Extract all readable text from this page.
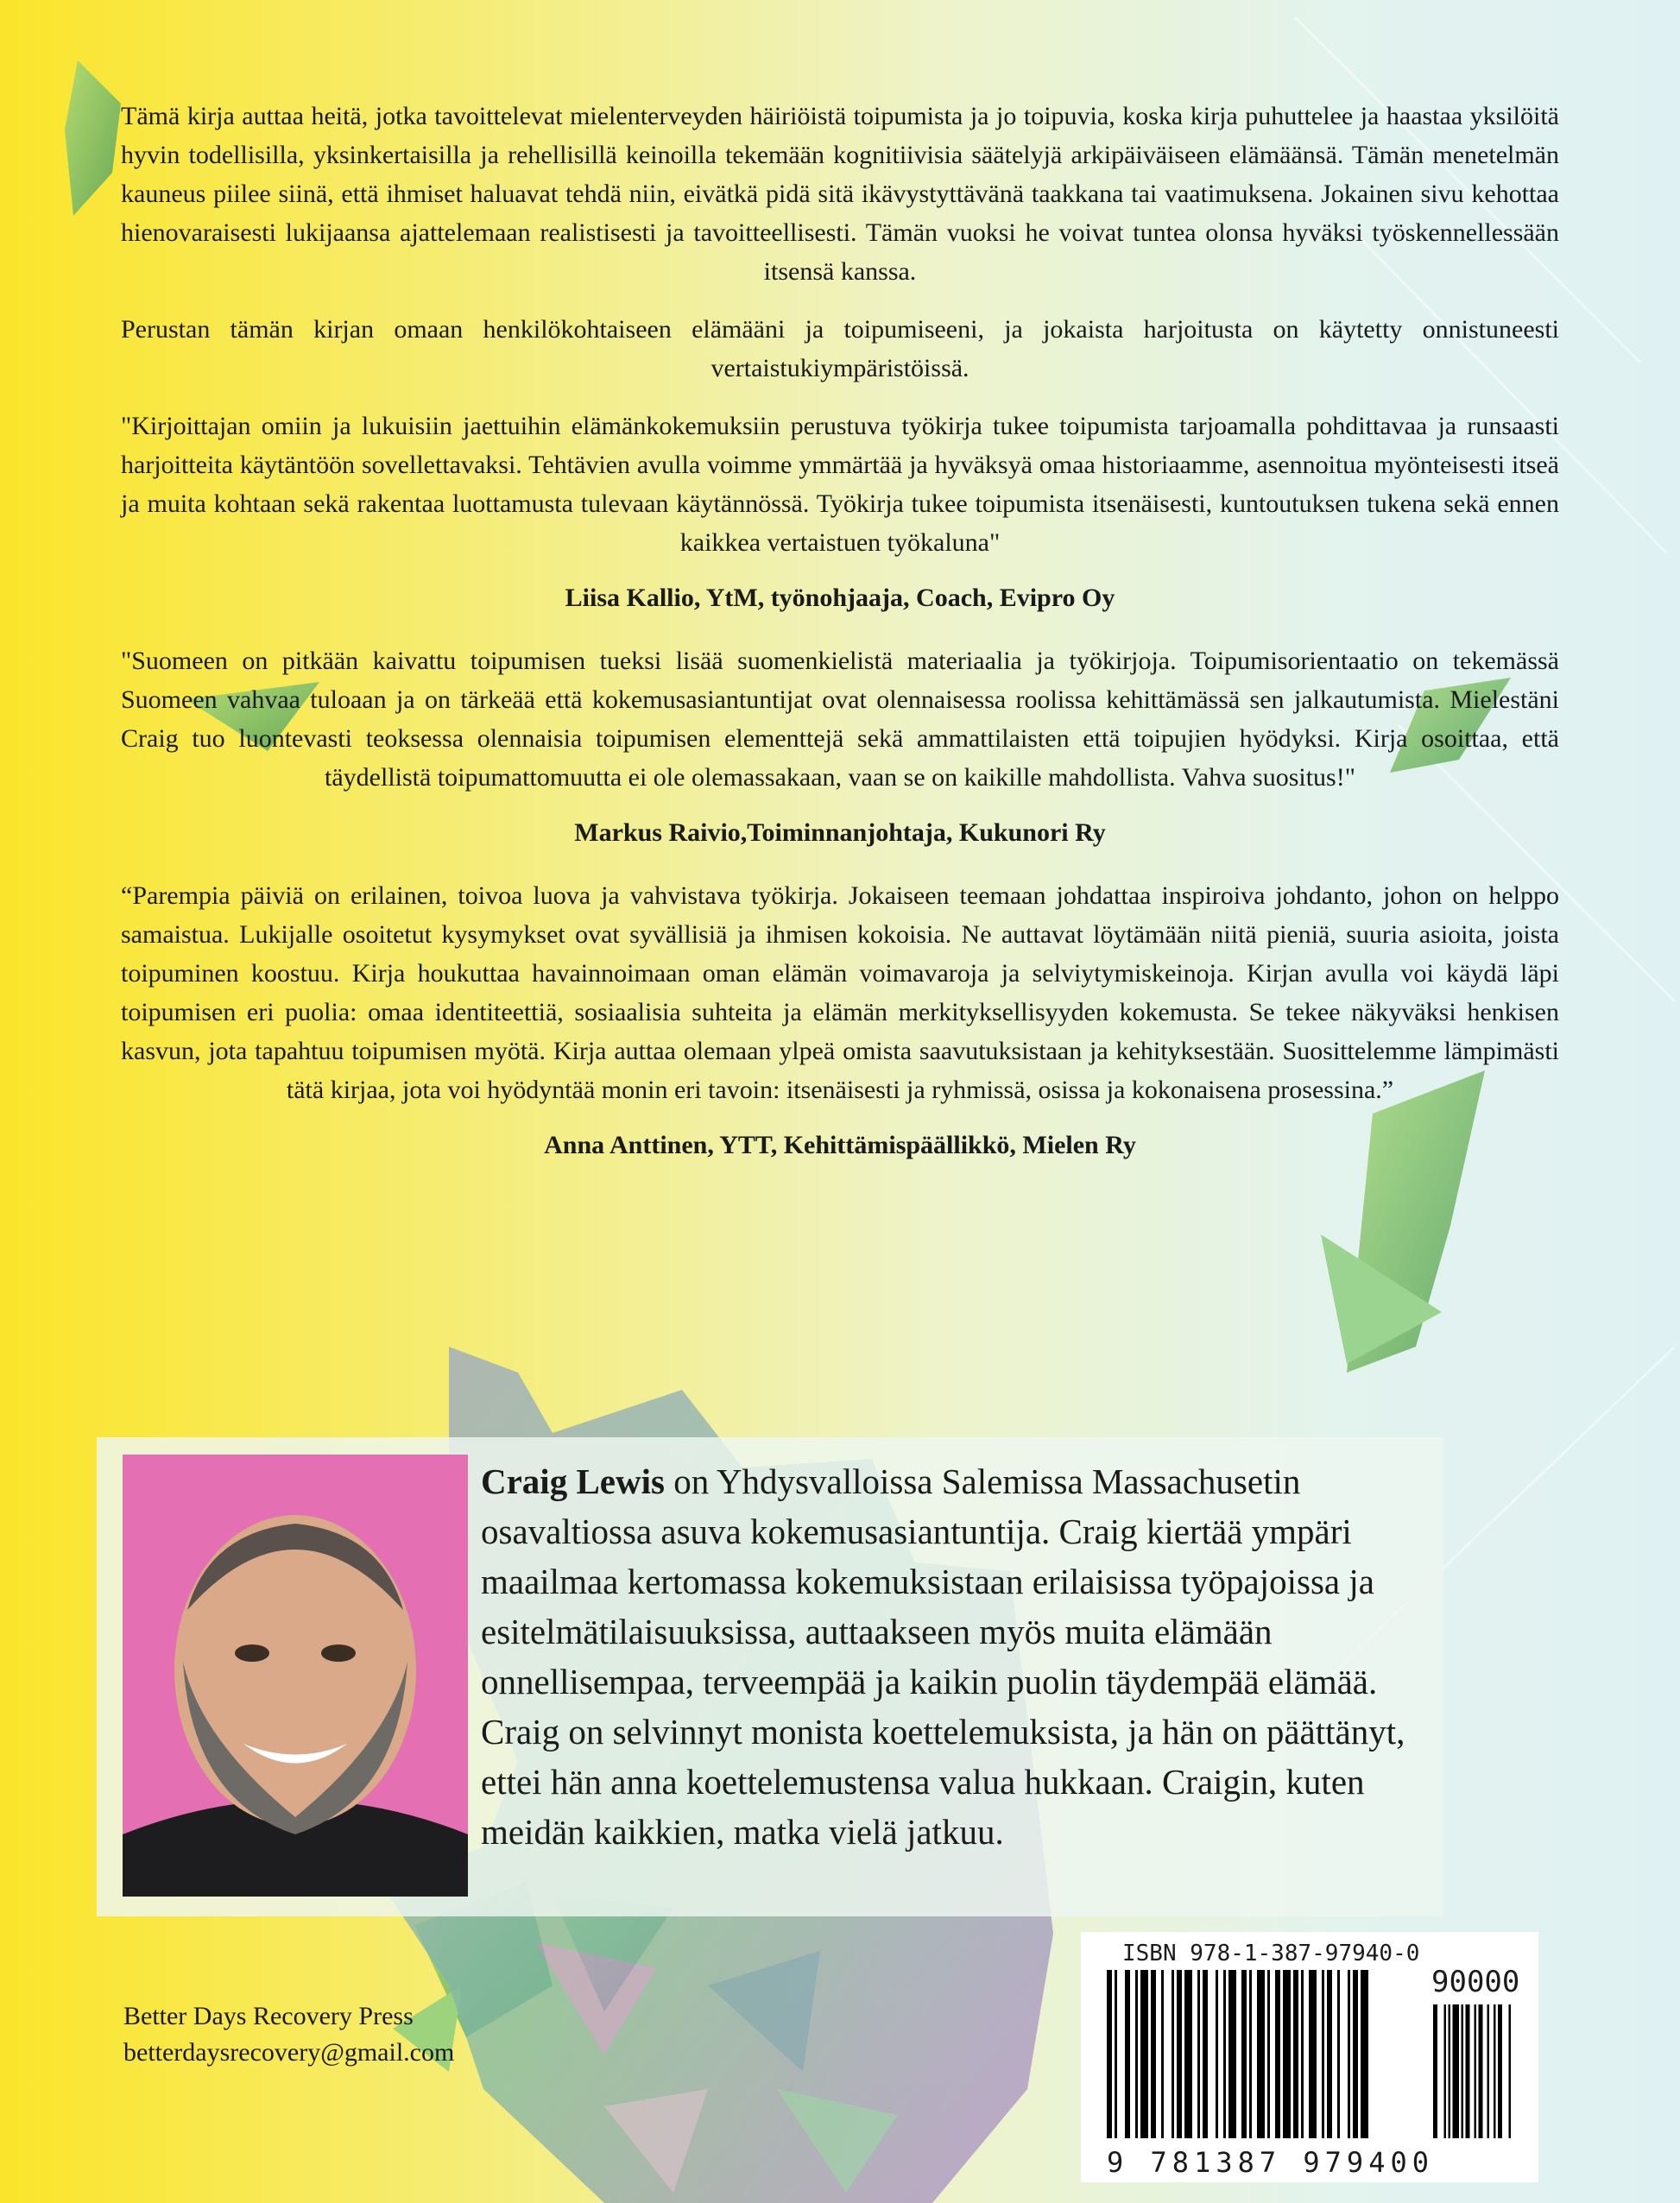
Tämä kirja auttaa heitä, jotka tavoittelevat mielenterveyden häiriöistä toipumista ja jo toipuvia, koska kirja puhuttelee ja haastaa yksilöitä hyvin todellisilla, yksinkertaisilla ja rehellisillä keinoilla tekemään kognitiivisia säätelyjä arkipäiväiseen elämäänsä. Tämän menetelmän kauneus piilee siinä, että ihmiset haluavat tehdä niin, eivätkä pidä sitä ikävystyttävänä taakkana tai vaatimuksena. Jokainen sivu kehottaa hienovaraisesti lukijaansa ajattelemaan realistisesti ja tavoitteellisesti. Tämän vuoksi he voivat tuntea olonsa hyväksi työskennellessään itsensä kanssa.

Perustan tämän kirjan omaan henkilökohtaiseen elämääni ja toipumiseeni, ja jokaista harjoitusta on käytetty onnistuneesti vertaistukiympäristöissä.

"Kirjoittajan omiin ja lukuisiin jaettuihin elämänkokemuksiin perustuva työkirja tukee toipumista tarjoamalla pohdittavaa ja runsaasti harjoitteita käytäntöön sovellettavaksi. Tehtävien avulla voimme ymmärtää ja hyväksyä omaa historiaamme, asennoitua myönteisesti itseä ja muita kohtaan sekä rakentaa luottamusta tulevaan käytännössä. Työkirja tukee toipumista itsenäisesti, kuntoutuksen tukena sekä ennen kaikkea vertaistuen työkaluna"

Liisa Kallio, YtM, työnohjaaja, Coach, Evipro Oy

"Suomeen on pitkään kaivattu toipumisen tueksi lisää suomenkielistä materiaalia ja työkirjoja. Toipumisorientaatio on tekemässä Suomeen vahvaa tuloaan ja on tärkeää että kokemusasiantuntijat ovat olennaisessa roolissa kehittämässä sen jalkautumista. Mielestäni Craig tuo luontevasti teoksessa olennaisia toipumisen elementtejä sekä ammattilaisten että toipujien hyödyksi. Kirja osoittaa, että täydellistä toipumattomuutta ei ole olemassakaan, vaan se on kaikille mahdollista. Vahva suositus!"

Markus Raivio,Toiminnanjohtaja, Kukunori Ry

“Parempia päiviä on erilainen, toivoa luova ja vahvistava työkirja. Jokaiseen teemaan johdattaa inspiroiva johdanto, johon on helppo samaistua. Lukijalle osoitetut kysymykset ovat syvällisiä ja ihmisen kokoisia. Ne auttavat löytämään niitä pieniä, suuria asioita, joista toipuminen koostuu. Kirja houkuttaa havainnoimaan oman elämän voimavaroja ja selviytymiskeinoja. Kirjan avulla voi käydä läpi toipumisen eri puolia: omaa identiteettiä, sosiaalisia suhteita ja elämän merkityksellisyyden kokemusta. Se tekee näkyväksi henkisen kasvun, jota tapahtuu toipumisen myötä. Kirja auttaa olemaan ylpeä omista saavutuksistaan ja kehityksestään. Suosittelemme lämpimästi tätä kirjaa, jota voi hyödyntää monin eri tavoin: itsenäisesti ja ryhmissä, osissa ja kokonaisena prosessina.”

Anna Anttinen, YTT, Kehittämispäällikkö, Mielen Ry

Craig Lewis on Yhdysvalloissa Salemissa Massachusetin osavaltiossa asuva kokemusasiantuntija. Craig kiertää ympäri maailmaa kertomassa kokemuksistaan erilaisissa työpajoissa ja esitelmätilaisuuksissa, auttaakseen myös muita elämään onnellisempaa, terveempää ja kaikin puolin täydempää elämää. Craig on selvinnyt monista koettelemuksista, ja hän on päättänyt, ettei hän anna koettelemustensa valua hukkaan. Craigin, kuten meidän kaikkien, matka vielä jatkuu.
Better Days Recovery Press
betterdaysrecovery@gmail.com
ISBN 978-1-387-97940-0
90000
9 781387 979400
